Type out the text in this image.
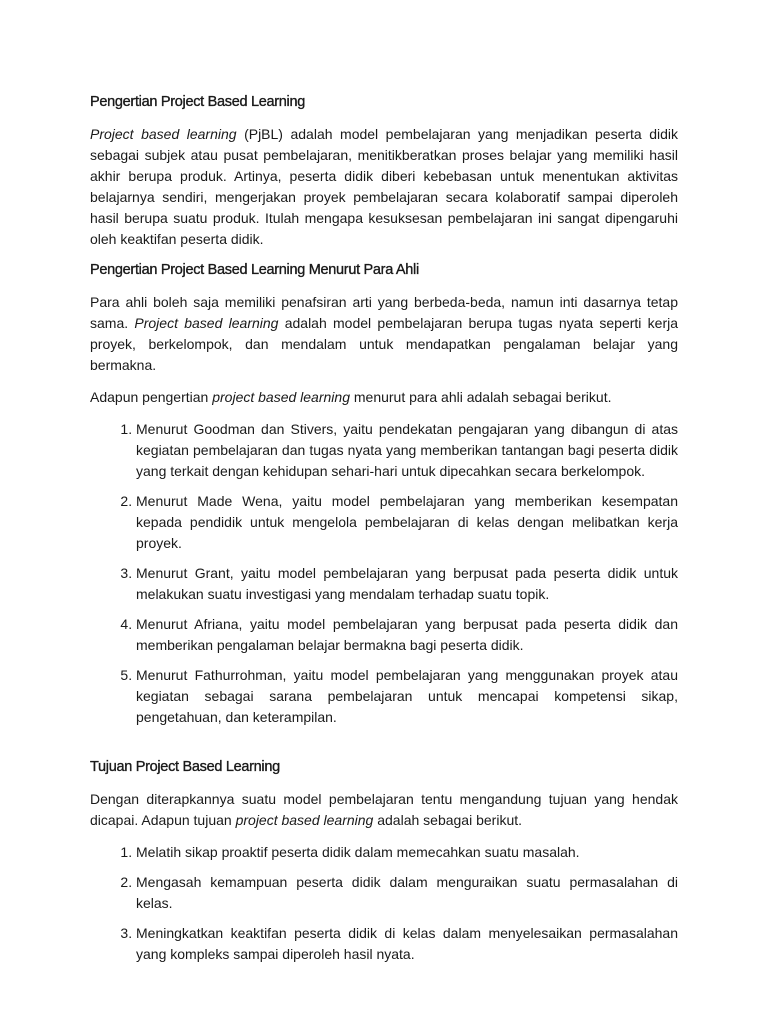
Pengertian Project Based Learning

Project based learning (PjBL) adalah model pembelajaran yang menjadikan peserta didik sebagai subjek atau pusat pembelajaran, menitikberatkan proses belajar yang memiliki hasil akhir berupa produk. Artinya, peserta didik diberi kebebasan untuk menentukan aktivitas belajarnya sendiri, mengerjakan proyek pembelajaran secara kolaboratif sampai diperoleh hasil berupa suatu produk. Itulah mengapa kesuksesan pembelajaran ini sangat dipengaruhi oleh keaktifan peserta didik.

Pengertian Project Based Learning Menurut Para Ahli

Para ahli boleh saja memiliki penafsiran arti yang berbeda-beda, namun inti dasarnya tetap sama. Project based learning adalah model pembelajaran berupa tugas nyata seperti kerja proyek, berkelompok, dan mendalam untuk mendapatkan pengalaman belajar yang bermakna.

Adapun pengertian project based learning menurut para ahli adalah sebagai berikut.

1. Menurut Goodman dan Stivers, yaitu pendekatan pengajaran yang dibangun di atas kegiatan pembelajaran dan tugas nyata yang memberikan tantangan bagi peserta didik yang terkait dengan kehidupan sehari-hari untuk dipecahkan secara berkelompok.
2. Menurut Made Wena, yaitu model pembelajaran yang memberikan kesempatan kepada pendidik untuk mengelola pembelajaran di kelas dengan melibatkan kerja proyek.
3. Menurut Grant, yaitu model pembelajaran yang berpusat pada peserta didik untuk melakukan suatu investigasi yang mendalam terhadap suatu topik.
4. Menurut Afriana, yaitu model pembelajaran yang berpusat pada peserta didik dan memberikan pengalaman belajar bermakna bagi peserta didik.
5. Menurut Fathurrohman, yaitu model pembelajaran yang menggunakan proyek atau kegiatan sebagai sarana pembelajaran untuk mencapai kompetensi sikap, pengetahuan, dan keterampilan.
Tujuan Project Based Learning

Dengan diterapkannya suatu model pembelajaran tentu mengandung tujuan yang hendak dicapai. Adapun tujuan project based learning adalah sebagai berikut.

1. Melatih sikap proaktif peserta didik dalam memecahkan suatu masalah.
2. Mengasah kemampuan peserta didik dalam menguraikan suatu permasalahan di kelas.
3. Meningkatkan keaktifan peserta didik di kelas dalam menyelesaikan permasalahan yang kompleks sampai diperoleh hasil nyata.
